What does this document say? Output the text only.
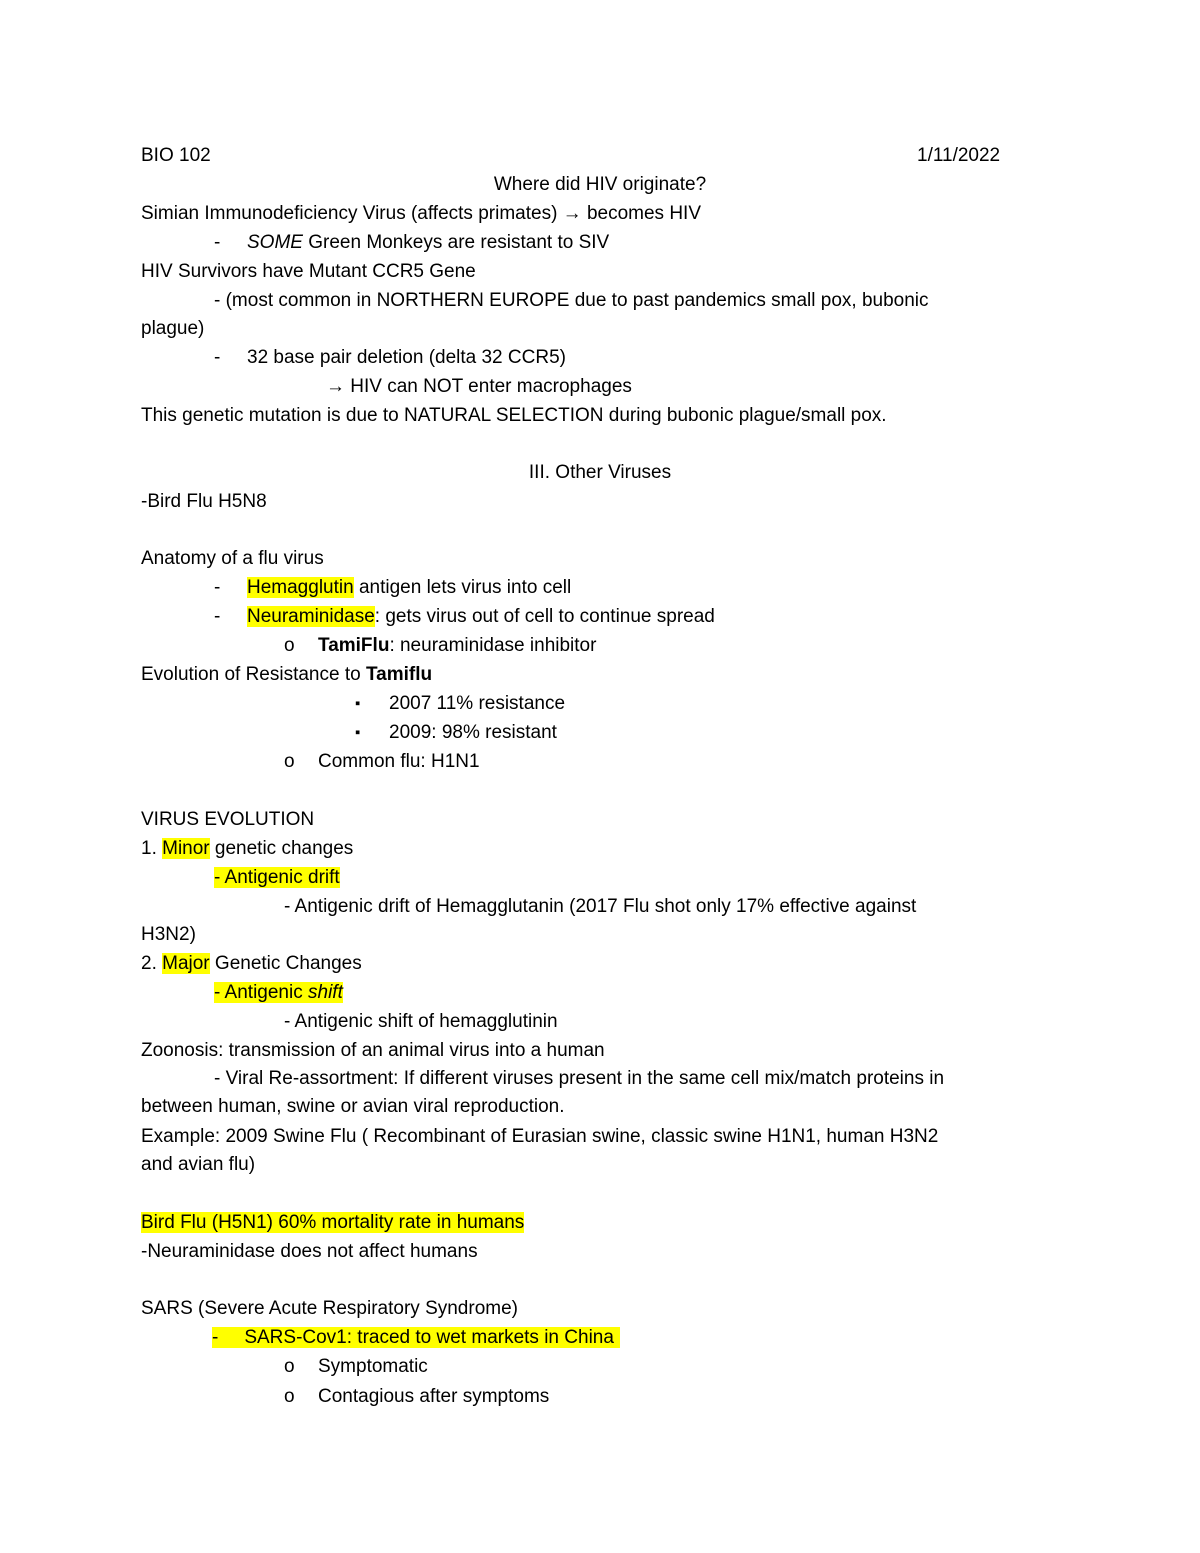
BIO 102	1/11/2022
Where did HIV originate?
Simian Immunodeficiency Virus (affects primates) → becomes HIV
- SOME Green Monkeys are resistant to SIV
HIV Survivors have Mutant CCR5 Gene
- (most common in NORTHERN EUROPE due to past pandemics small pox, bubonic
plague)
- 32 base pair deletion (delta 32 CCR5)
→ HIV can NOT enter macrophages
This genetic mutation is due to NATURAL SELECTION during bubonic plague/small pox.
III. Other Viruses
-Bird Flu H5N8
Anatomy of a flu virus
- Hemagglutin antigen lets virus into cell
- Neuraminidase: gets virus out of cell to continue spread
o TamiFlu: neuraminidase inhibitor
Evolution of Resistance to Tamiflu
▪ 2007 11% resistance
▪ 2009: 98% resistant
o Common flu: H1N1
VIRUS EVOLUTION
1. Minor genetic changes
- Antigenic drift
- Antigenic drift of Hemagglutanin (2017 Flu shot only 17% effective against
H3N2)
2. Major Genetic Changes
- Antigenic shift
- Antigenic shift of hemagglutinin
Zoonosis: transmission of an animal virus into a human
- Viral Re-assortment: If different viruses present in the same cell mix/match proteins in
between human, swine or avian viral reproduction.
Example: 2009 Swine Flu ( Recombinant of Eurasian swine, classic swine H1N1, human H3N2
and avian flu)
Bird Flu (H5N1) 60% mortality rate in humans
-Neuraminidase does not affect humans
SARS (Severe Acute Respiratory Syndrome)
- SARS-Cov1: traced to wet markets in China
o Symptomatic
o Contagious after symptoms
